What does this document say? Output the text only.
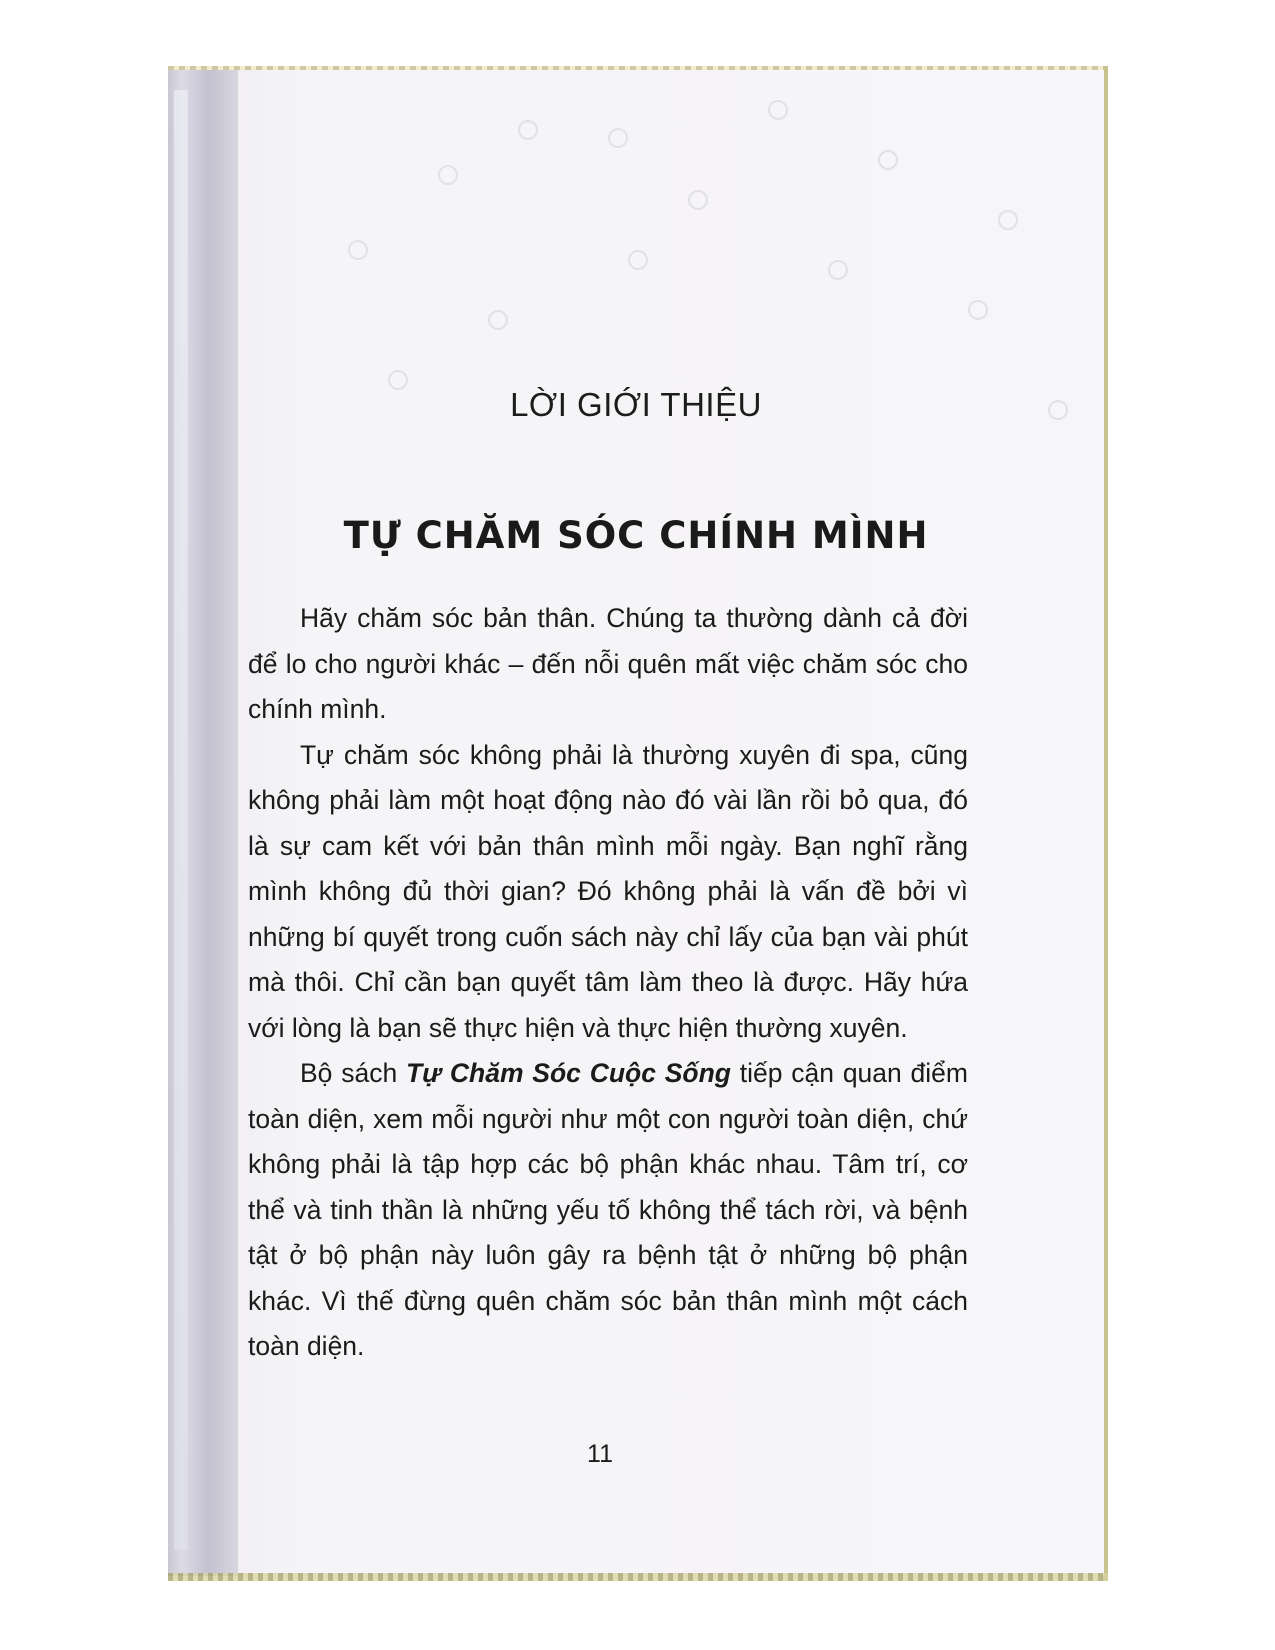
LỜI GIỚI THIỆU
TỰ CHĂM SÓC CHÍNH MÌNH

Hãy chăm sóc bản thân. Chúng ta thường dành cả đời để lo cho người khác – đến nỗi quên mất việc chăm sóc cho chính mình.

Tự chăm sóc không phải là thường xuyên đi spa, cũng không phải làm một hoạt động nào đó vài lần rồi bỏ qua, đó là sự cam kết với bản thân mình mỗi ngày. Bạn nghĩ rằng mình không đủ thời gian? Đó không phải là vấn đề bởi vì những bí quyết trong cuốn sách này chỉ lấy của bạn vài phút mà thôi. Chỉ cần bạn quyết tâm làm theo là được. Hãy hứa với lòng là bạn sẽ thực hiện và thực hiện thường xuyên.

Bộ sách Tự Chăm Sóc Cuộc Sống tiếp cận quan điểm toàn diện, xem mỗi người như một con người toàn diện, chứ không phải là tập hợp các bộ phận khác nhau. Tâm trí, cơ thể và tinh thần là những yếu tố không thể tách rời, và bệnh tật ở bộ phận này luôn gây ra bệnh tật ở những bộ phận khác. Vì thế đừng quên chăm sóc bản thân mình một cách toàn diện.

11
